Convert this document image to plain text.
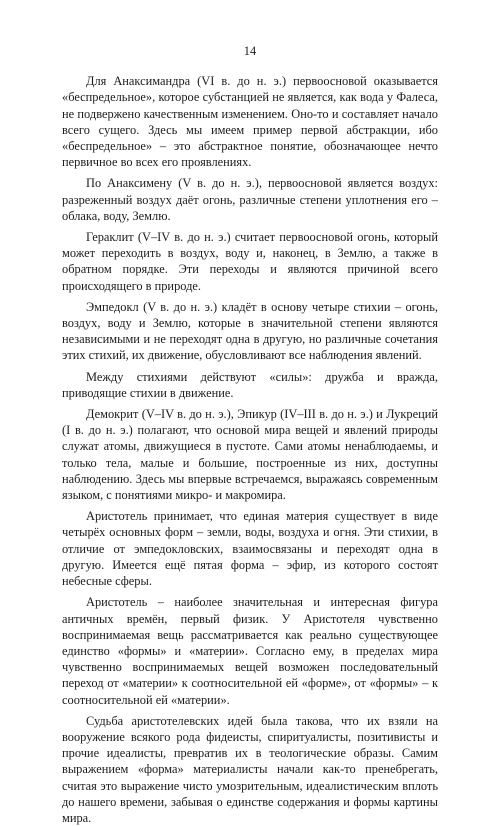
14

Для Анаксимандра (VI в. до н. э.) первоосновой оказывается «беспредельное», которое субстанцией не является, как вода у Фалеса, не подвержено качественным изменением. Оно-то и составляет начало всего сущего. Здесь мы имеем пример первой абстракции, ибо «беспредельное» – это абстрактное понятие, обозначающее нечто первичное во всех его проявлениях.

По Анаксимену (V в. до н. э.), первоосновой является воздух: разреженный воздух даёт огонь, различные степени уплотнения его – облака, воду, Землю.

Гераклит (V–IV в. до н. э.) считает первоосновой огонь, который может переходить в воздух, воду и, наконец, в Землю, а также в обратном порядке. Эти переходы и являются причиной всего происходящего в природе.

Эмпедокл (V в. до н. э.) кладёт в основу четыре стихии – огонь, воздух, воду и Землю, которые в значительной степени являются независимыми и не переходят одна в другую, но различные сочетания этих стихий, их движение, обусловливают все наблюдения явлений.

Между стихиями действуют «силы»: дружба и вражда, приводящие стихии в движение.

Демокрит (V–IV в. до н. э.), Эпикур (IV–III в. до н. э.) и Лукреций (I в. до н. э.) полагают, что основой мира вещей и явлений природы служат атомы, движущиеся в пустоте. Сами атомы ненаблюдаемы, и только тела, малые и большие, построенные из них, доступны наблюдению. Здесь мы впервые встречаемся, выражаясь современным языком, с понятиями микро- и макромира.

Аристотель принимает, что единая материя существует в виде четырёх основных форм – земли, воды, воздуха и огня. Эти стихии, в отличие от эмпедокловских, взаимосвязаны и переходят одна в другую. Имеется ещё пятая форма – эфир, из которого состоят небесные сферы.

Аристотель – наиболее значительная и интересная фигура античных времён, первый физик. У Аристотеля чувственно воспринимаемая вещь рассматривается как реально существующее единство «формы» и «материи». Согласно ему, в пределах мира чувственно воспринимаемых вещей возможен последовательный переход от «материи» к соотносительной ей «форме», от «формы» – к соотносительной ей «материи».

Судьба аристотелевских идей была такова, что их взяли на вооружение всякого рода фидеисты, спиритуалисты, позитивисты и прочие идеалисты, превратив их в теологические образы. Самим выражением «форма» материалисты начали как-то пренебрегать, считая это выражение чисто умозрительным, идеалистическим вплоть до нашего времени, забывая о единстве содержания и формы картины мира.
